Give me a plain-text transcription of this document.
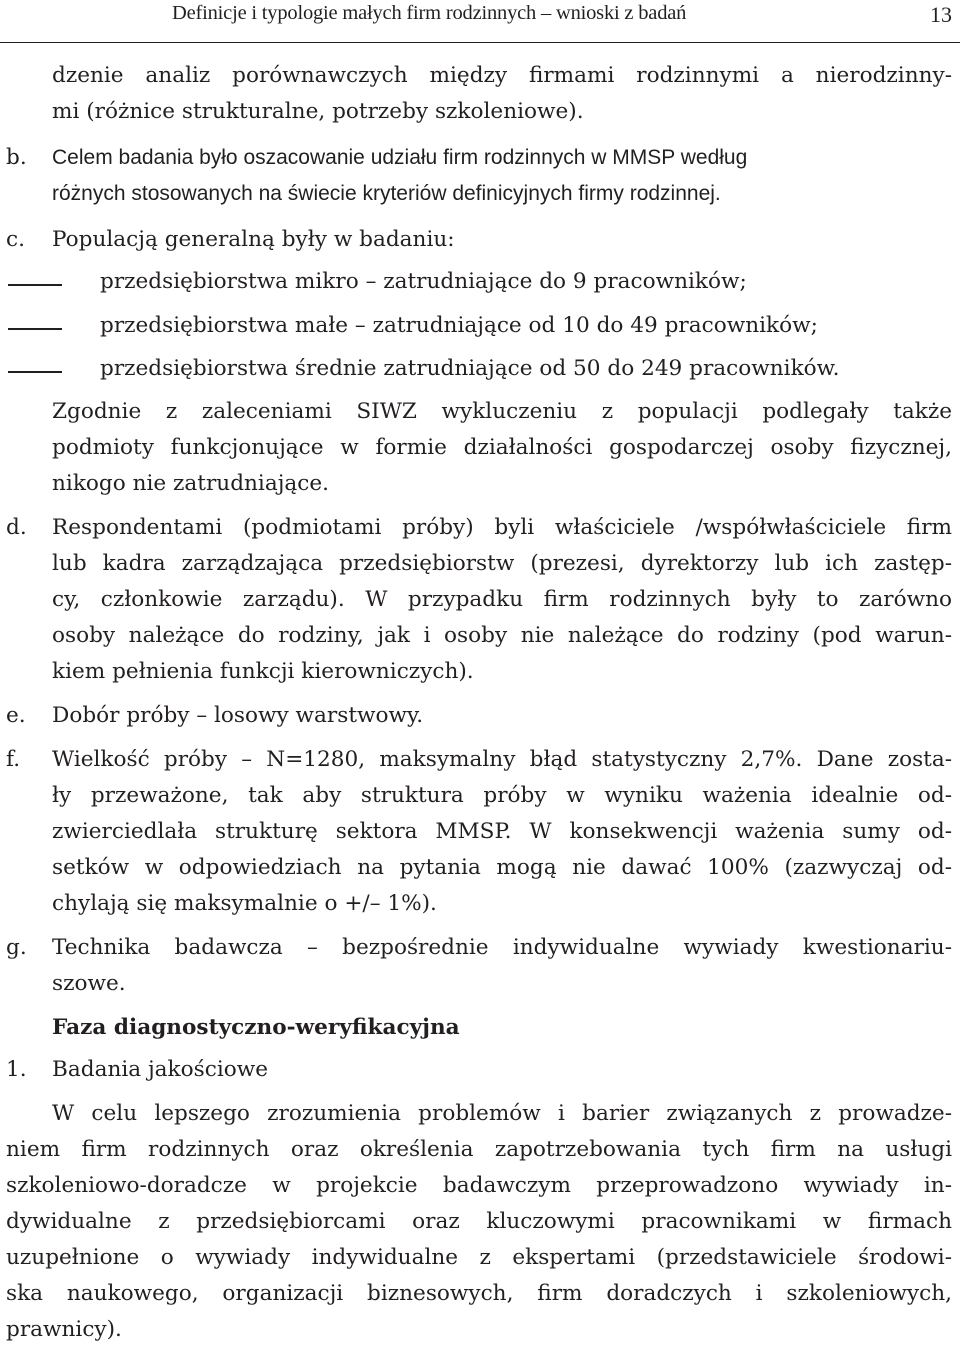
Definicje i typologie małych firm rodzinnych – wnioski z badań	13
dzenie analiz porównawczych między firmami rodzinnymi a nierodzinny-
mi (różnice strukturalne, potrzeby szkoleniowe).
b. Celem badania było oszacowanie udziału firm rodzinnych w MMSP według
różnych stosowanych na świecie kryteriów definicyjnych firmy rodzinnej.
c. Populacją generalną były w badaniu:
przedsiębiorstwa mikro – zatrudniające do 9 pracowników;
przedsiębiorstwa małe – zatrudniające od 10 do 49 pracowników;
przedsiębiorstwa średnie zatrudniające od 50 do 249 pracowników.
Zgodnie z zaleceniami SIWZ wykluczeniu z populacji podlegały także
podmioty funkcjonujące w formie działalności gospodarczej osoby fizycznej,
nikogo nie zatrudniające.
d. Respondentami (podmiotami próby) byli właściciele /współwłaściciele firm
lub kadra zarządzająca przedsiębiorstw (prezesi, dyrektorzy lub ich zastęp-
cy, członkowie zarządu). W przypadku firm rodzinnych były to zarówno
osoby należące do rodziny, jak i osoby nie należące do rodziny (pod warun-
kiem pełnienia funkcji kierowniczych).
e. Dobór próby – losowy warstwowy.
f. Wielkość próby – N=1280, maksymalny błąd statystyczny 2,7%. Dane zosta-
ły przeważone, tak aby struktura próby w wyniku ważenia idealnie od-
zwierciedlała strukturę sektora MMSP. W konsekwencji ważenia sumy od-
setków w odpowiedziach na pytania mogą nie dawać 100% (zazwyczaj od-
chylają się maksymalnie o +/– 1%).
g. Technika badawcza – bezpośrednie indywidualne wywiady kwestionariu-
szowe.
Faza diagnostyczno-weryfikacyjna
1. Badania jakościowe
W celu lepszego zrozumienia problemów i barier związanych z prowadze-
niem firm rodzinnych oraz określenia zapotrzebowania tych firm na usługi
szkoleniowo-doradcze w projekcie badawczym przeprowadzono wywiady in-
dywidualne z przedsiębiorcami oraz kluczowymi pracownikami w firmach
uzupełnione o wywiady indywidualne z ekspertami (przedstawiciele środowi-
ska naukowego, organizacji biznesowych, firm doradczych i szkoleniowych,
prawnicy).
